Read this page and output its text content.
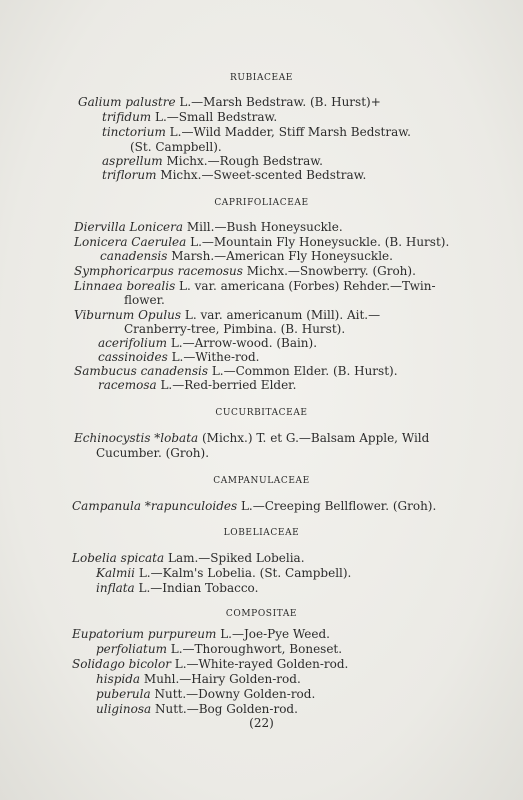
RUBIACEAE
Galium palustre L.—Marsh Bedstraw. (B. Hurst)+
trifidum L.—Small Bedstraw.
tinctorium L.—Wild Madder, Stiff Marsh Bedstraw.
(St. Campbell).
asprellum Michx.—Rough Bedstraw.
triflorum Michx.—Sweet-scented Bedstraw.
CAPRIFOLIACEAE
Diervilla Lonicera Mill.—Bush Honeysuckle.
Lonicera Caerulea L.—Mountain Fly Honeysuckle. (B. Hurst).
canadensis Marsh.—American Fly Honeysuckle.
Symphoricarpus racemosus Michx.—Snowberry. (Groh).
Linnaea borealis L. var. americana (Forbes) Rehder.—Twin-
flower.
Viburnum Opulus L. var. americanum (Mill). Ait.—
Cranberry-tree, Pimbina. (B. Hurst).
acerifolium L.—Arrow-wood. (Bain).
cassinoides L.—Withe-rod.
Sambucus canadensis L.—Common Elder. (B. Hurst).
racemosa L.—Red-berried Elder.
CUCURBITACEAE
Echinocystis *lobata (Michx.) T. et G.—Balsam Apple, Wild
Cucumber. (Groh).
CAMPANULACEAE
Campanula *rapunculoides L.—Creeping Bellflower. (Groh).
LOBELIACEAE
Lobelia spicata Lam.—Spiked Lobelia.
Kalmii L.—Kalm's Lobelia. (St. Campbell).
inflata L.—Indian Tobacco.
COMPOSITAE
Eupatorium purpureum L.—Joe-Pye Weed.
perfoliatum L.—Thoroughwort, Boneset.
Solidago bicolor L.—White-rayed Golden-rod.
hispida Muhl.—Hairy Golden-rod.
puberula Nutt.—Downy Golden-rod.
uliginosa Nutt.—Bog Golden-rod.
(22)
